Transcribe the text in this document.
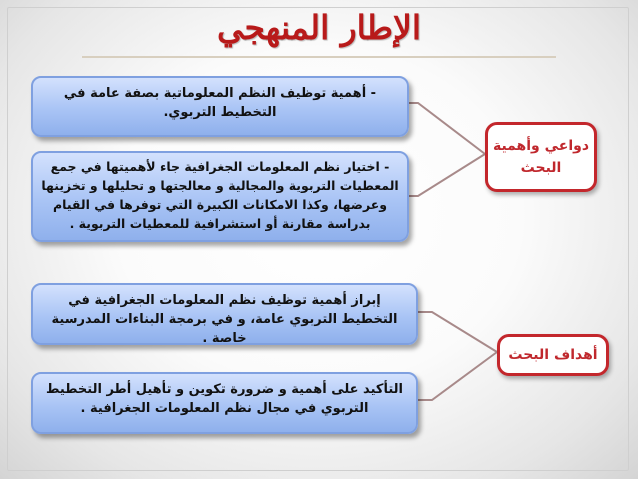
الإطار المنهجي
- أهمية توظيف النظم المعلوماتية بصفة عامة في التخطيط التربوي.
- اختيار نظم المعلومات الجغرافية جاء لأهميتها في جمع المعطيات التربوية والمجالية و معالجتها و تحليلها و تخزينها وعرضها، وكذا الامكانات الكبيرة التي توفرها في القيام بدراسة مقارنة أو استشرافية للمعطيات التربوية .
دواعي وأهمية
البحث
إبراز أهمية توظيف نظم المعلومات الجغرافية في التخطيط التربوي عامة، و في برمجة البناءات المدرسية خاصة .
التأكيد على أهمية و ضرورة تكوين و تأهيل أطر التخطيط التربوي في مجال نظم المعلومات الجغرافية .
أهداف البحث
